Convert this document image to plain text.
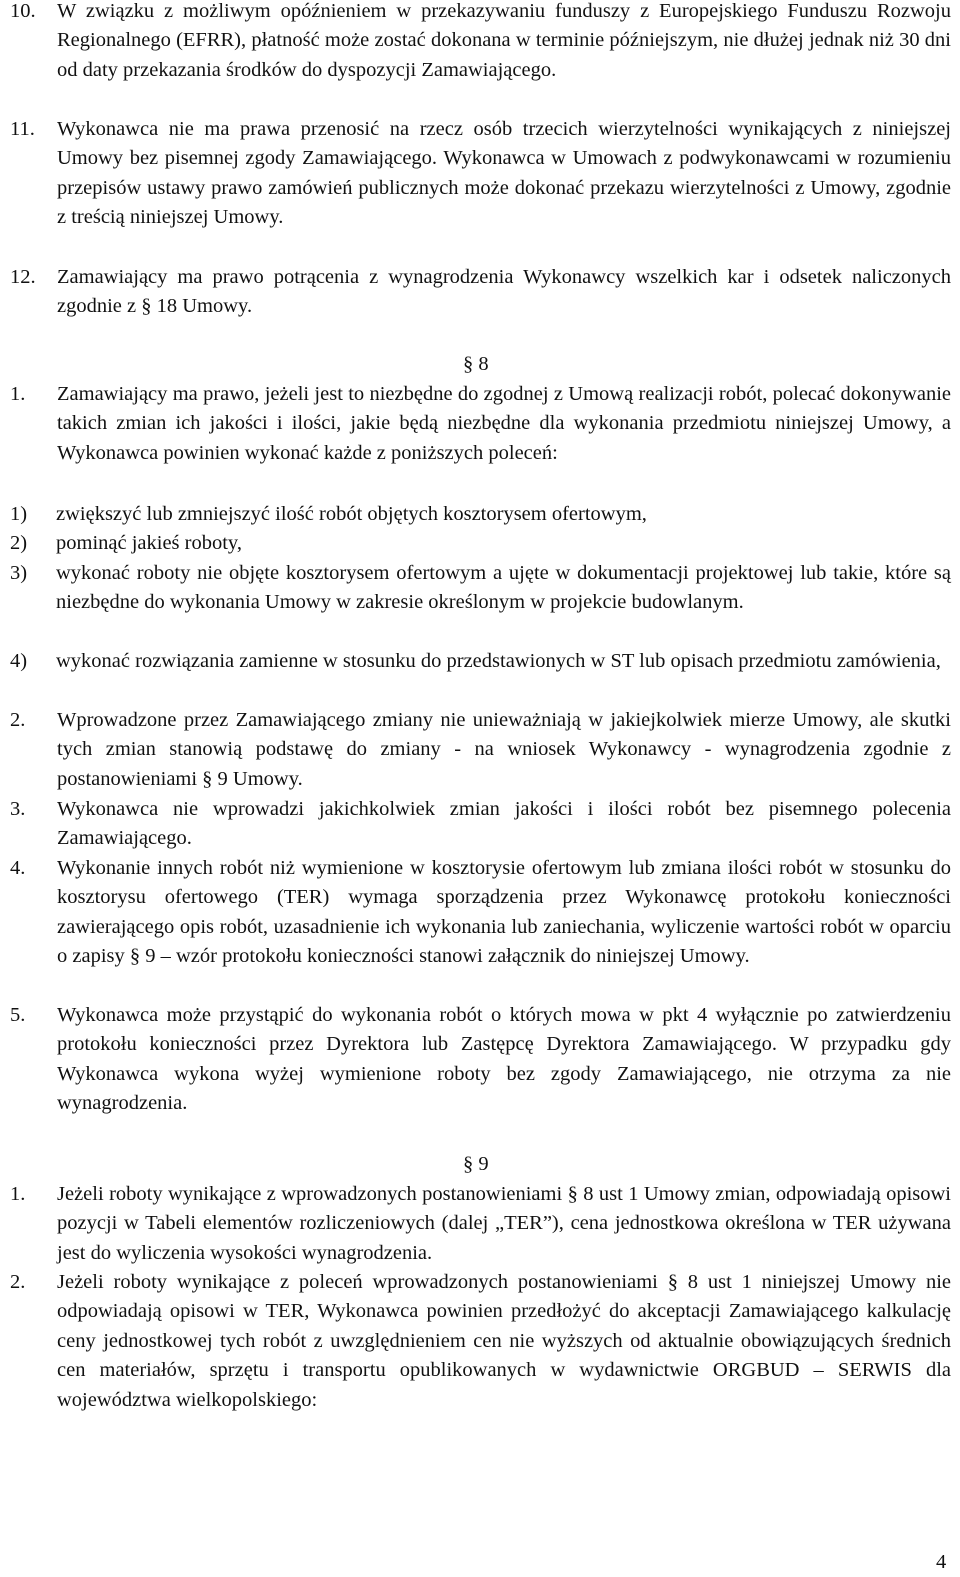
10. W związku z możliwym opóźnieniem w przekazywaniu funduszy z Europejskiego Funduszu Rozwoju Regionalnego (EFRR), płatność może zostać dokonana w terminie późniejszym, nie dłużej jednak niż 30 dni od daty przekazania środków do dyspozycji Zamawiającego.
11. Wykonawca nie ma prawa przenosić na rzecz osób trzecich wierzytelności wynikających z niniejszej Umowy bez pisemnej zgody Zamawiającego. Wykonawca w Umowach z podwykonawcami w rozumieniu przepisów ustawy prawo zamówień publicznych może dokonać przekazu wierzytelności z Umowy, zgodnie z treścią niniejszej Umowy.
12. Zamawiający ma prawo potrącenia z wynagrodzenia Wykonawcy wszelkich kar i odsetek naliczonych zgodnie z § 18 Umowy.
§ 8
1. Zamawiający ma prawo, jeżeli jest to niezbędne do zgodnej z Umową realizacji robót, polecać dokonywanie takich zmian ich jakości i ilości, jakie będą niezbędne dla wykonania przedmiotu niniejszej Umowy, a Wykonawca powinien wykonać każde z poniższych poleceń:
1) zwiększyć lub zmniejszyć ilość robót objętych kosztorysem ofertowym,
2) pominąć jakieś roboty,
3) wykonać roboty nie objęte kosztorysem ofertowym a ujęte w dokumentacji projektowej lub takie, które są niezbędne do wykonania Umowy w zakresie określonym w projekcie budowlanym.
4) wykonać rozwiązania zamienne w stosunku do przedstawionych w ST lub opisach przedmiotu zamówienia,
2. Wprowadzone przez Zamawiającego zmiany nie unieważniają w jakiejkolwiek mierze Umowy, ale skutki tych zmian stanowią podstawę do zmiany - na wniosek Wykonawcy - wynagrodzenia zgodnie z postanowieniami § 9 Umowy.
3. Wykonawca nie wprowadzi jakichkolwiek zmian jakości i ilości robót bez pisemnego polecenia Zamawiającego.
4. Wykonanie innych robót niż wymienione w kosztorysie ofertowym lub zmiana ilości robót w stosunku do kosztorysu ofertowego (TER) wymaga sporządzenia przez Wykonawcę protokołu konieczności zawierającego opis robót, uzasadnienie ich wykonania lub zaniechania, wyliczenie wartości robót w oparciu o zapisy § 9 – wzór protokołu konieczności stanowi załącznik do niniejszej Umowy.
5. Wykonawca może przystąpić do wykonania robót o których mowa w pkt 4 wyłącznie po zatwierdzeniu protokołu konieczności przez Dyrektora lub Zastępcę Dyrektora Zamawiającego. W przypadku gdy Wykonawca wykona wyżej wymienione roboty bez zgody Zamawiającego, nie otrzyma za nie wynagrodzenia.
§ 9
1. Jeżeli roboty wynikające z wprowadzonych postanowieniami § 8 ust 1 Umowy zmian, odpowiadają opisowi pozycji w Tabeli elementów rozliczeniowych (dalej „TER”), cena jednostkowa określona w TER używana jest do wyliczenia wysokości wynagrodzenia.
2. Jeżeli roboty wynikające z poleceń wprowadzonych postanowieniami § 8 ust 1 niniejszej Umowy nie odpowiadają opisowi w TER, Wykonawca powinien przedłożyć do akceptacji Zamawiającego kalkulację ceny jednostkowej tych robót z uwzględnieniem cen nie wyższych od aktualnie obowiązujących średnich cen materiałów, sprzętu i transportu opublikowanych w wydawnictwie ORGBUD – SERWIS dla województwa wielkopolskiego:
4
